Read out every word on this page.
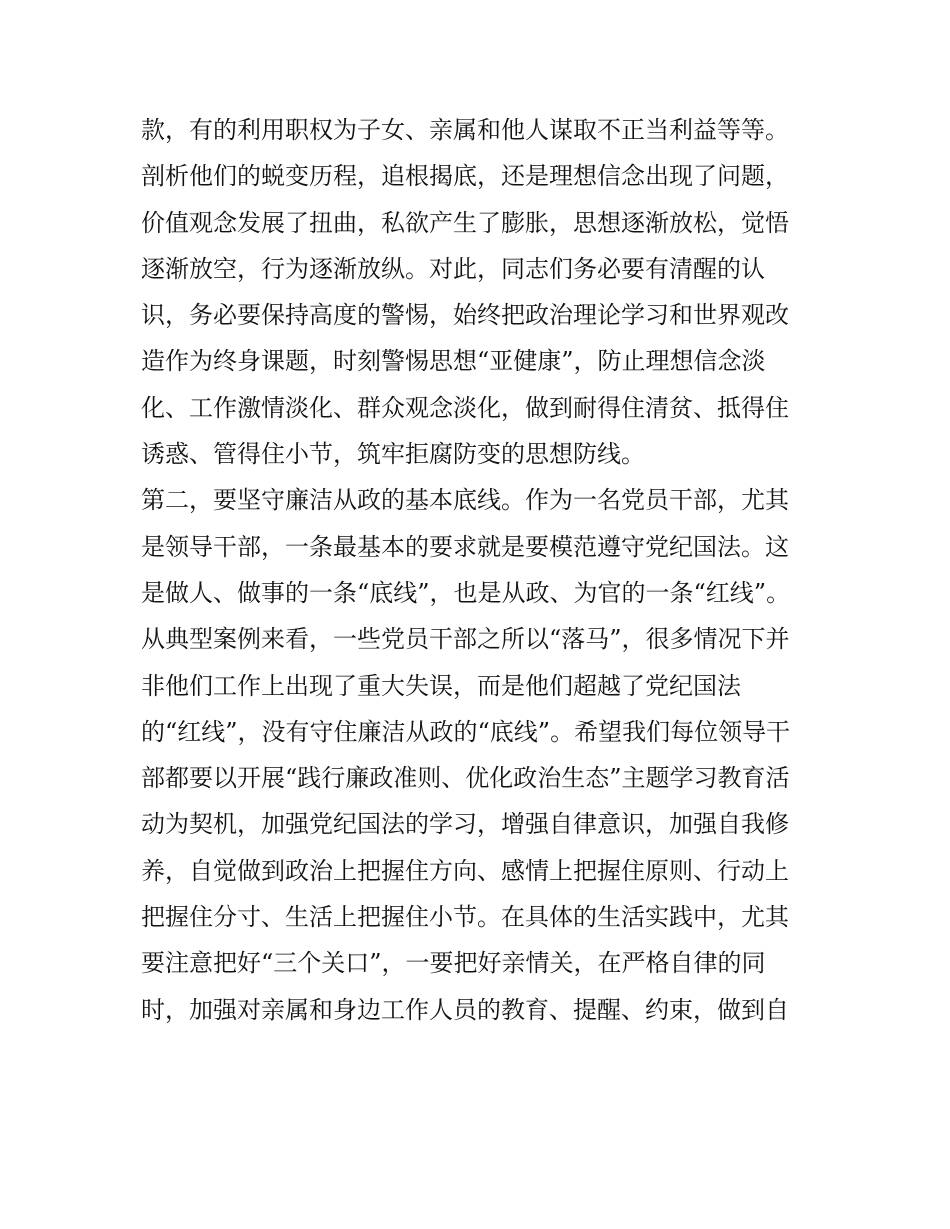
款，有的利用职权为子女、亲属和他人谋取不正当利益等等。
剖析他们的蜕变历程，追根揭底，还是理想信念出现了问题，
价值观念发展了扭曲，私欲产生了膨胀，思想逐渐放松，觉悟
逐渐放空，行为逐渐放纵。对此，同志们务必要有清醒的认
识，务必要保持高度的警惕，始终把政治理论学习和世界观改
造作为终身课题，时刻警惕思想“亚健康”，防止理想信念淡
化、工作激情淡化、群众观念淡化，做到耐得住清贫、抵得住
诱惑、管得住小节，筑牢拒腐防变的思想防线。
第二，要坚守廉洁从政的基本底线。作为一名党员干部，尤其
是领导干部，一条最基本的要求就是要模范遵守党纪国法。这
是做人、做事的一条“底线”，也是从政、为官的一条“红线”。
从典型案例来看，一些党员干部之所以“落马”，很多情况下并
非他们工作上出现了重大失误，而是他们超越了党纪国法
的“红线”，没有守住廉洁从政的“底线”。希望我们每位领导干
部都要以开展“践行廉政准则、优化政治生态”主题学习教育活
动为契机，加强党纪国法的学习，增强自律意识，加强自我修
养，自觉做到政治上把握住方向、感情上把握住原则、行动上
把握住分寸、生活上把握住小节。在具体的生活实践中，尤其
要注意把好“三个关口”，一要把好亲情关，在严格自律的同
时，加强对亲属和身边工作人员的教育、提醒、约束，做到自
